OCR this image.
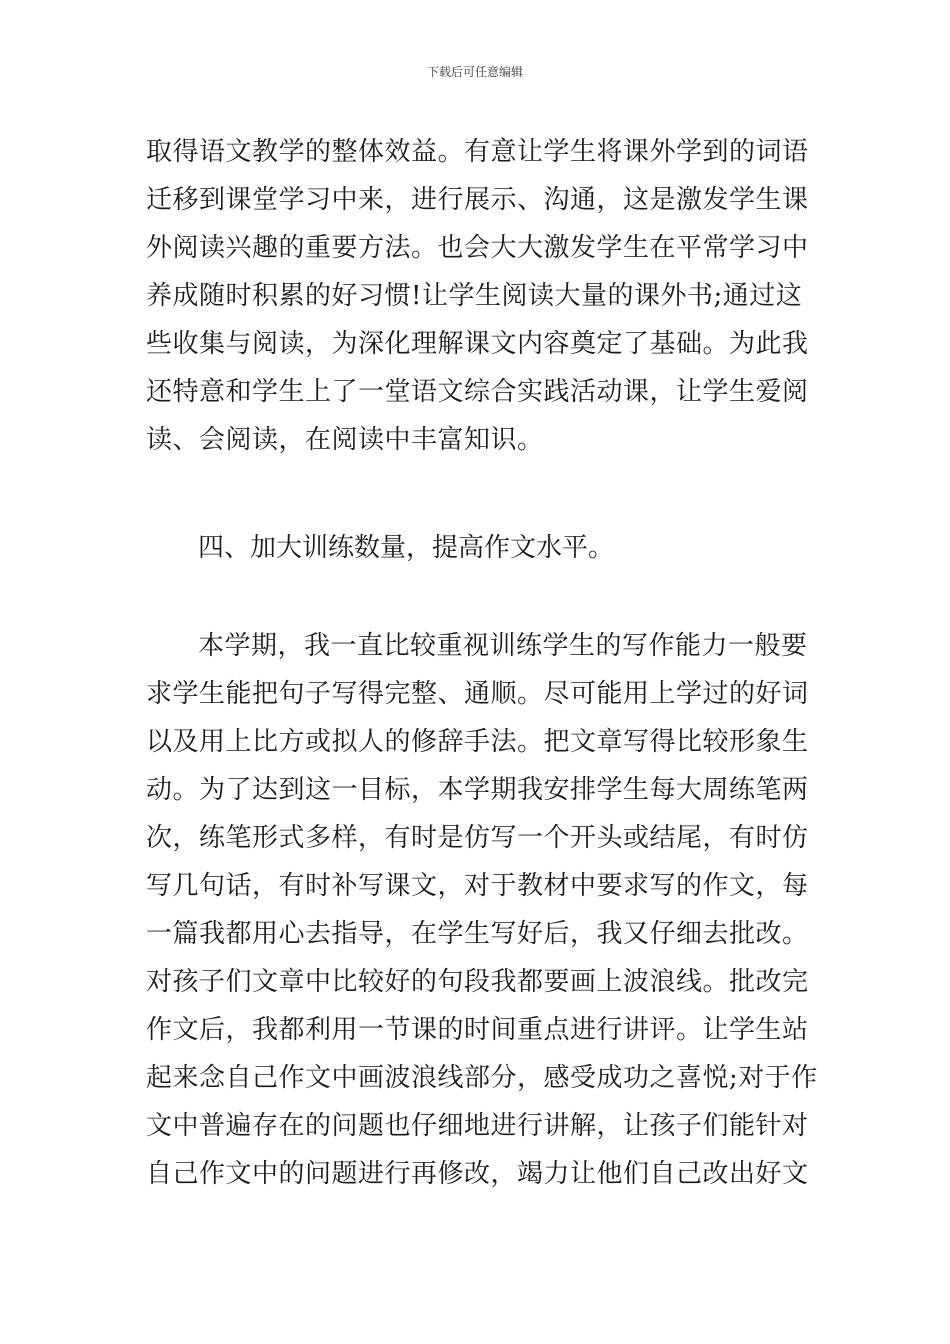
下载后可任意编辑
取得语文教学的整体效益。有意让学生将课外学到的词语
迁移到课堂学习中来，进行展示、沟通，这是激发学生课
外阅读兴趣的重要方法。也会大大激发学生在平常学习中
养成随时积累的好习惯!让学生阅读大量的课外书;通过这
些收集与阅读，为深化理解课文内容奠定了基础。为此我
还特意和学生上了一堂语文综合实践活动课，让学生爱阅
读、会阅读，在阅读中丰富知识。
四、加大训练数量，提高作文水平。
本学期，我一直比较重视训练学生的写作能力一般要
求学生能把句子写得完整、通顺。尽可能用上学过的好词
以及用上比方或拟人的修辞手法。把文章写得比较形象生
动。为了达到这一目标，本学期我安排学生每大周练笔两
次，练笔形式多样，有时是仿写一个开头或结尾，有时仿
写几句话，有时补写课文，对于教材中要求写的作文，每
一篇我都用心去指导，在学生写好后，我又仔细去批改。
对孩子们文章中比较好的句段我都要画上波浪线。批改完
作文后，我都利用一节课的时间重点进行讲评。让学生站
起来念自己作文中画波浪线部分，感受成功之喜悦;对于作
文中普遍存在的问题也仔细地进行讲解，让孩子们能针对
自己作文中的问题进行再修改，竭力让他们自己改出好文
